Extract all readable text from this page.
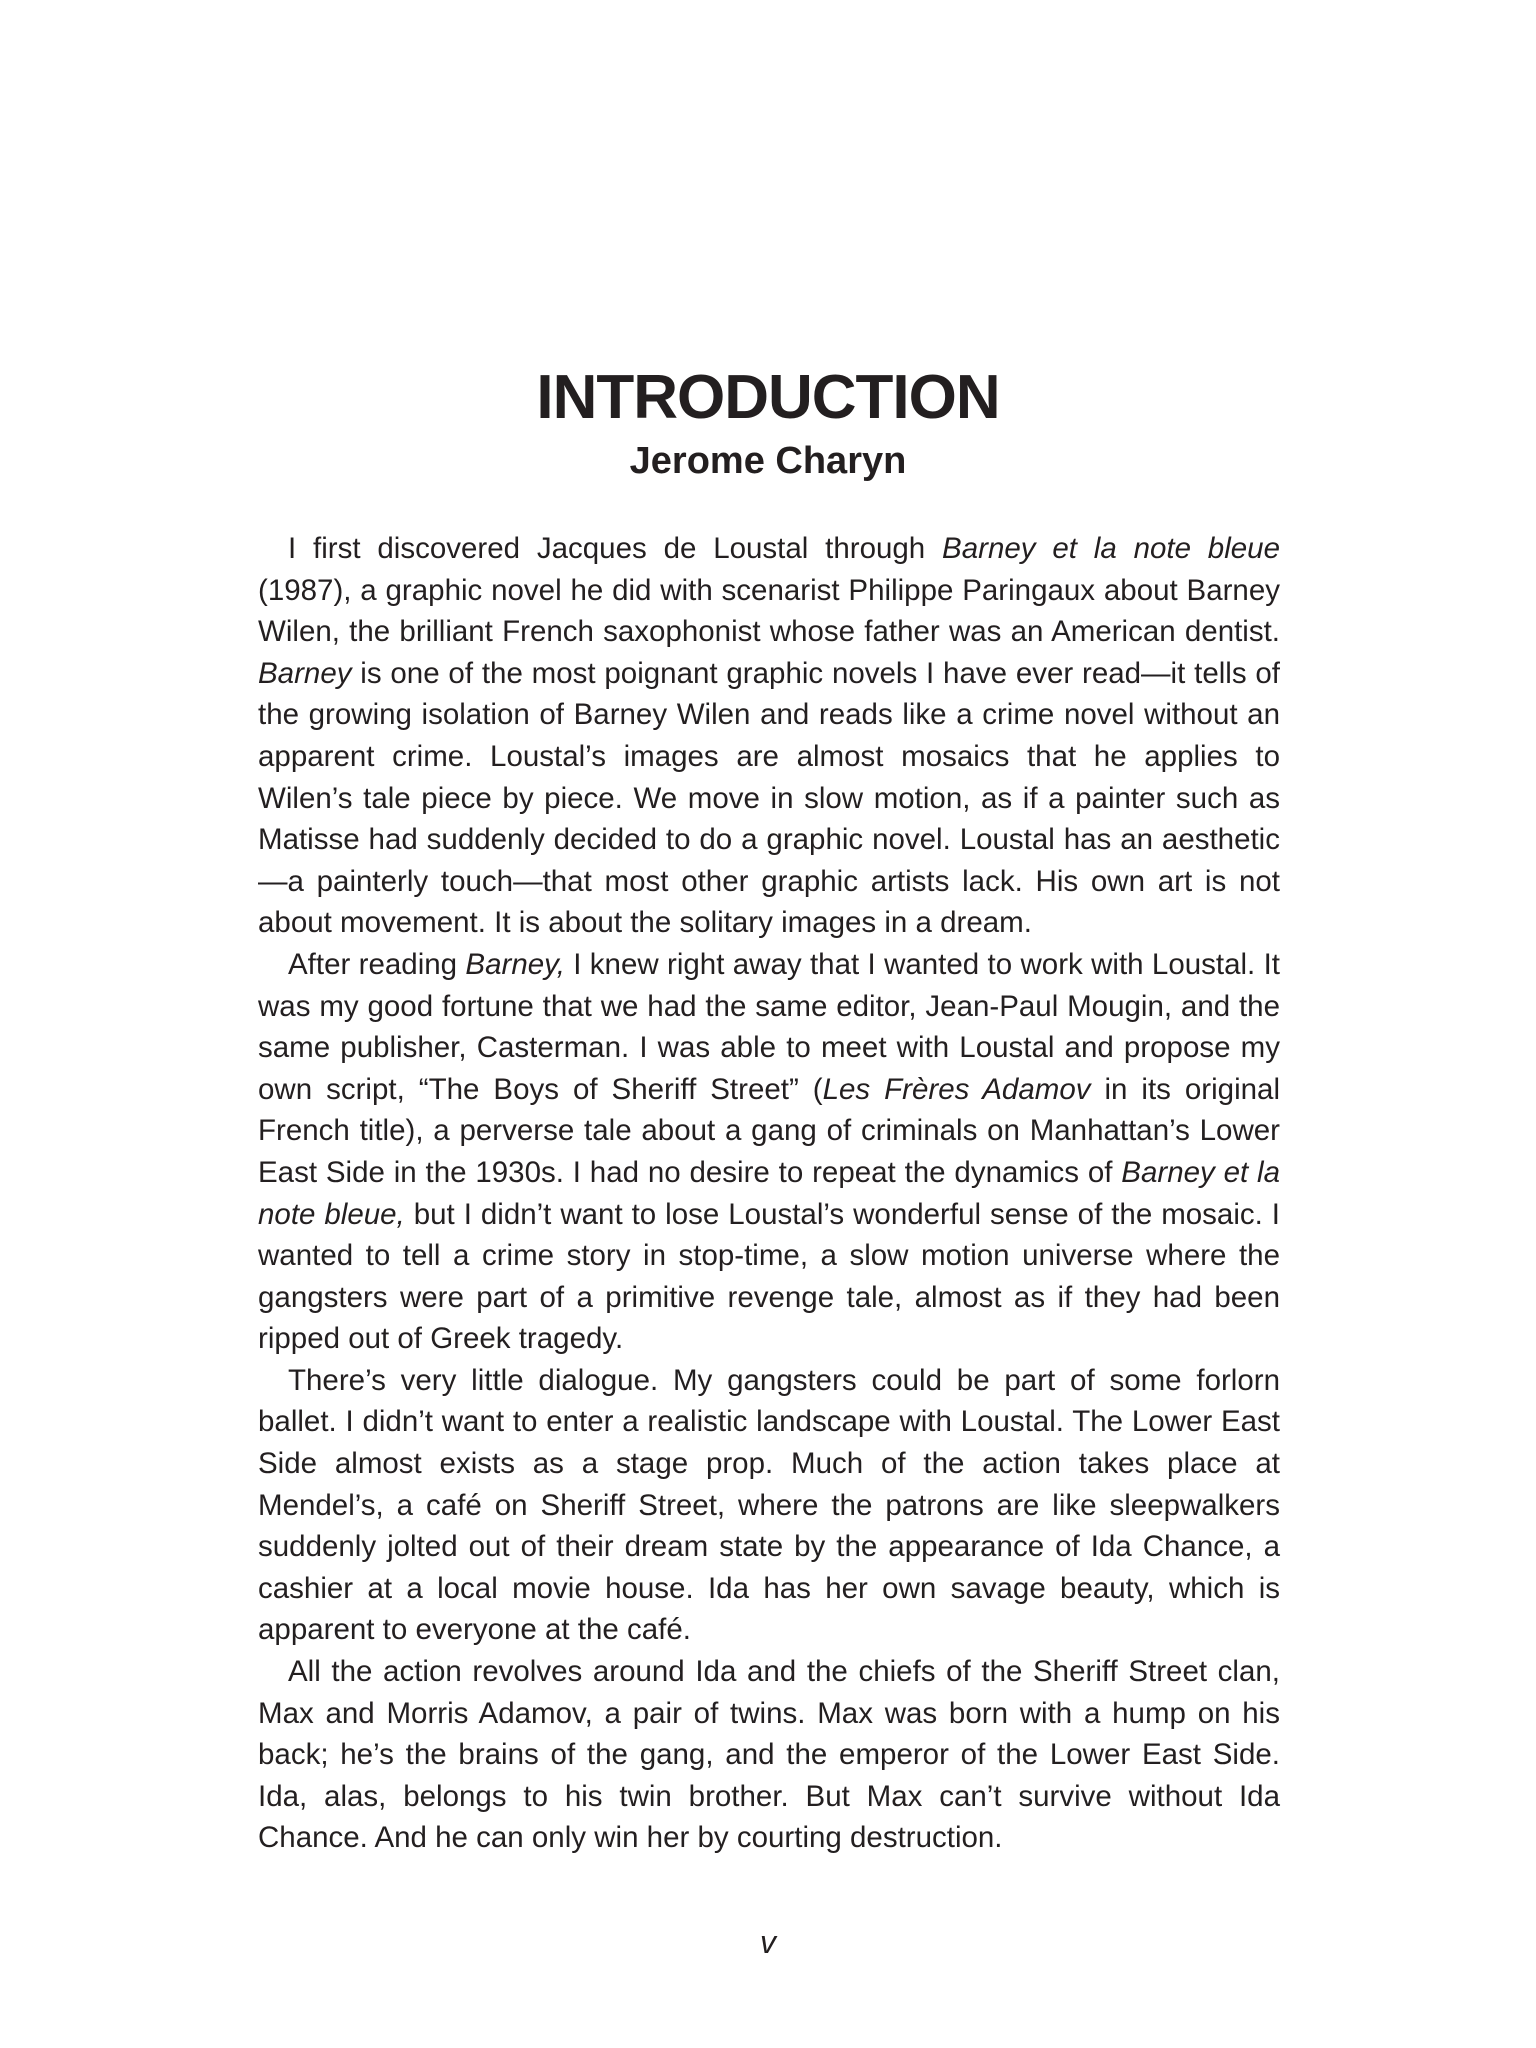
INTRODUCTION
Jerome Charyn

I first discovered Jacques de Loustal through Barney et la note bleue (1987), a graphic novel he did with scenarist Philippe Paringaux about Barney Wilen, the brilliant French saxophonist whose father was an American dentist. Barney is one of the most poignant graphic novels I have ever read—it tells of the growing isolation of Barney Wilen and reads like a crime novel without an apparent crime. Loustal’s images are almost mosaics that he applies to Wilen’s tale piece by piece. We move in slow motion, as if a painter such as Matisse had suddenly decided to do a graphic novel. Loustal has an aesthetic—a painterly touch—that most other graphic artists lack. His own art is not about movement. It is about the solitary images in a dream.

After reading Barney, I knew right away that I wanted to work with Loustal. It was my good fortune that we had the same editor, Jean-Paul Mougin, and the same publisher, Casterman. I was able to meet with Loustal and propose my own script, “The Boys of Sheriff Street” (Les Frères Adamov in its original French title), a perverse tale about a gang of criminals on Manhattan’s Lower East Side in the 1930s. I had no desire to repeat the dynamics of Barney et la note bleue, but I didn’t want to lose Loustal’s wonderful sense of the mosaic. I wanted to tell a crime story in stop-time, a slow motion universe where the gangsters were part of a primitive revenge tale, almost as if they had been ripped out of Greek tragedy.

There’s very little dialogue. My gangsters could be part of some forlorn ballet. I didn’t want to enter a realistic landscape with Loustal. The Lower East Side almost exists as a stage prop. Much of the action takes place at Mendel’s, a café on Sheriff Street, where the patrons are like sleepwalkers suddenly jolted out of their dream state by the appearance of Ida Chance, a cashier at a local movie house. Ida has her own savage beauty, which is apparent to everyone at the café.

All the action revolves around Ida and the chiefs of the Sheriff Street clan, Max and Morris Adamov, a pair of twins. Max was born with a hump on his back; he’s the brains of the gang, and the emperor of the Lower East Side. Ida, alas, belongs to his twin brother. But Max can’t survive without Ida Chance. And he can only win her by courting destruction.

v
